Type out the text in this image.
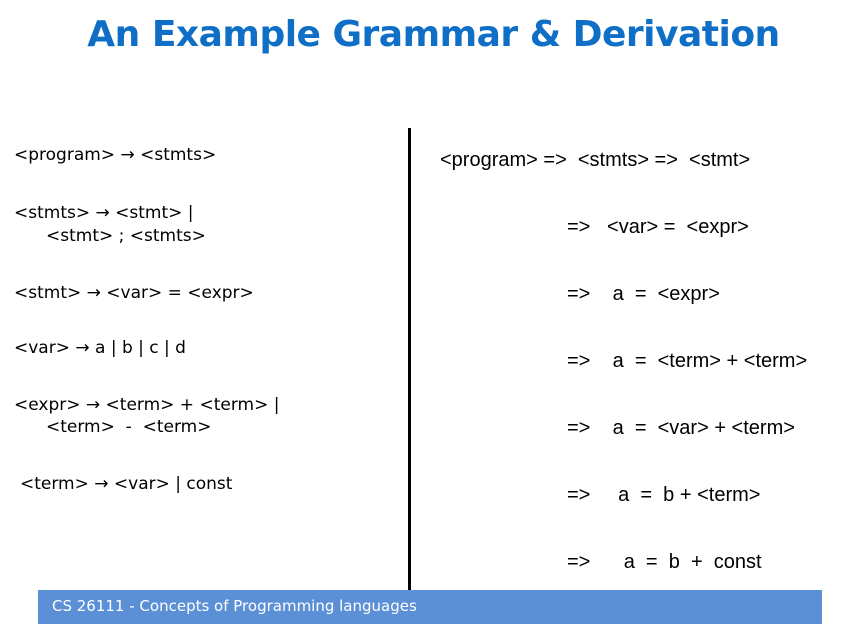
An Example Grammar & Derivation
<program> → <stmts>
<stmts> → <stmt> |
<stmt> ; <stmts>
<stmt> → <var> = <expr>
<var> → a | b | c | d
<expr> → <term> + <term> |
<term>  -  <term>
<term> → <var> | const
<program> =>  <stmts> =>  <stmt>
=>   <var> =  <expr>
=>    a  =  <expr>
=>    a  =  <term> + <term>
=>    a  =  <var> + <term>
=>     a  =  b + <term>
=>      a  =  b  +  const
CS 26111 - Concepts of Programming languages
